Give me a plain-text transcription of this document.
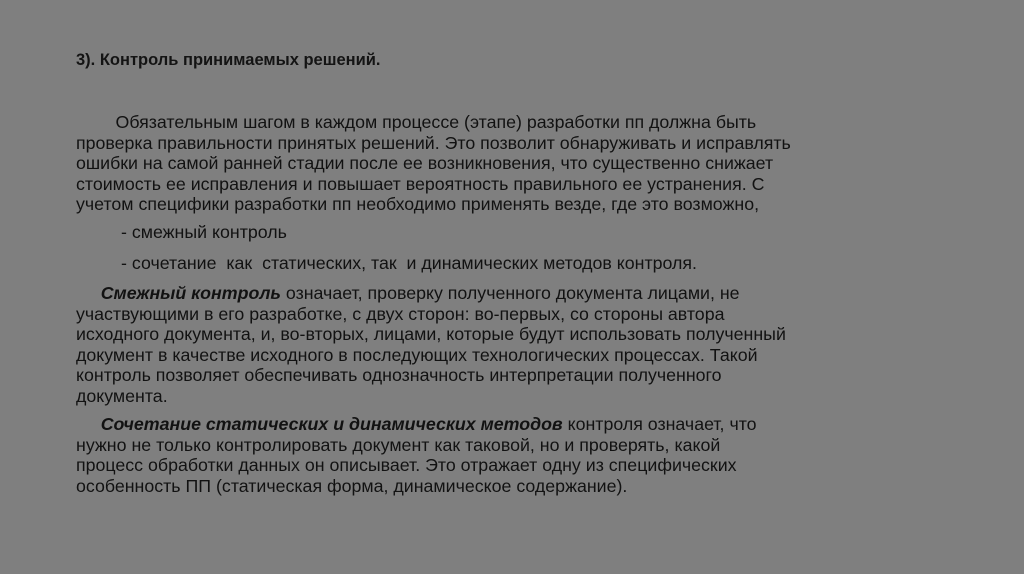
3). Контроль принимаемых решений.
Обязательным шагом в каждом процессе (этапе) разработки пп должна быть
проверка правильности принятых решений. Это позволит обнаруживать и исправлять
ошибки на самой ранней стадии после ее возникновения, что существенно снижает
стоимость ее исправления и повышает вероятность правильного ее устранения. С
учетом специфики разработки пп необходимо применять везде, где это возможно,
- смежный контроль
- сочетание  как  статических, так  и динамических методов контроля.
Смежный контроль означает, проверку полученного документа лицами, не
участвующими в его разработке, с двух сторон: во-первых, со стороны автора
исходного документа, и, во-вторых, лицами, которые будут использовать полученный
документ в качестве исходного в последующих технологических процессах. Такой
контроль позволяет обеспечивать однозначность интерпретации полученного
документа.
Сочетание статических и динамических методов контроля означает, что
нужно не только контролировать документ как таковой, но и проверять, какой
процесс обработки данных он описывает. Это отражает одну из специфических
особенность ПП (статическая форма, динамическое содержание).
